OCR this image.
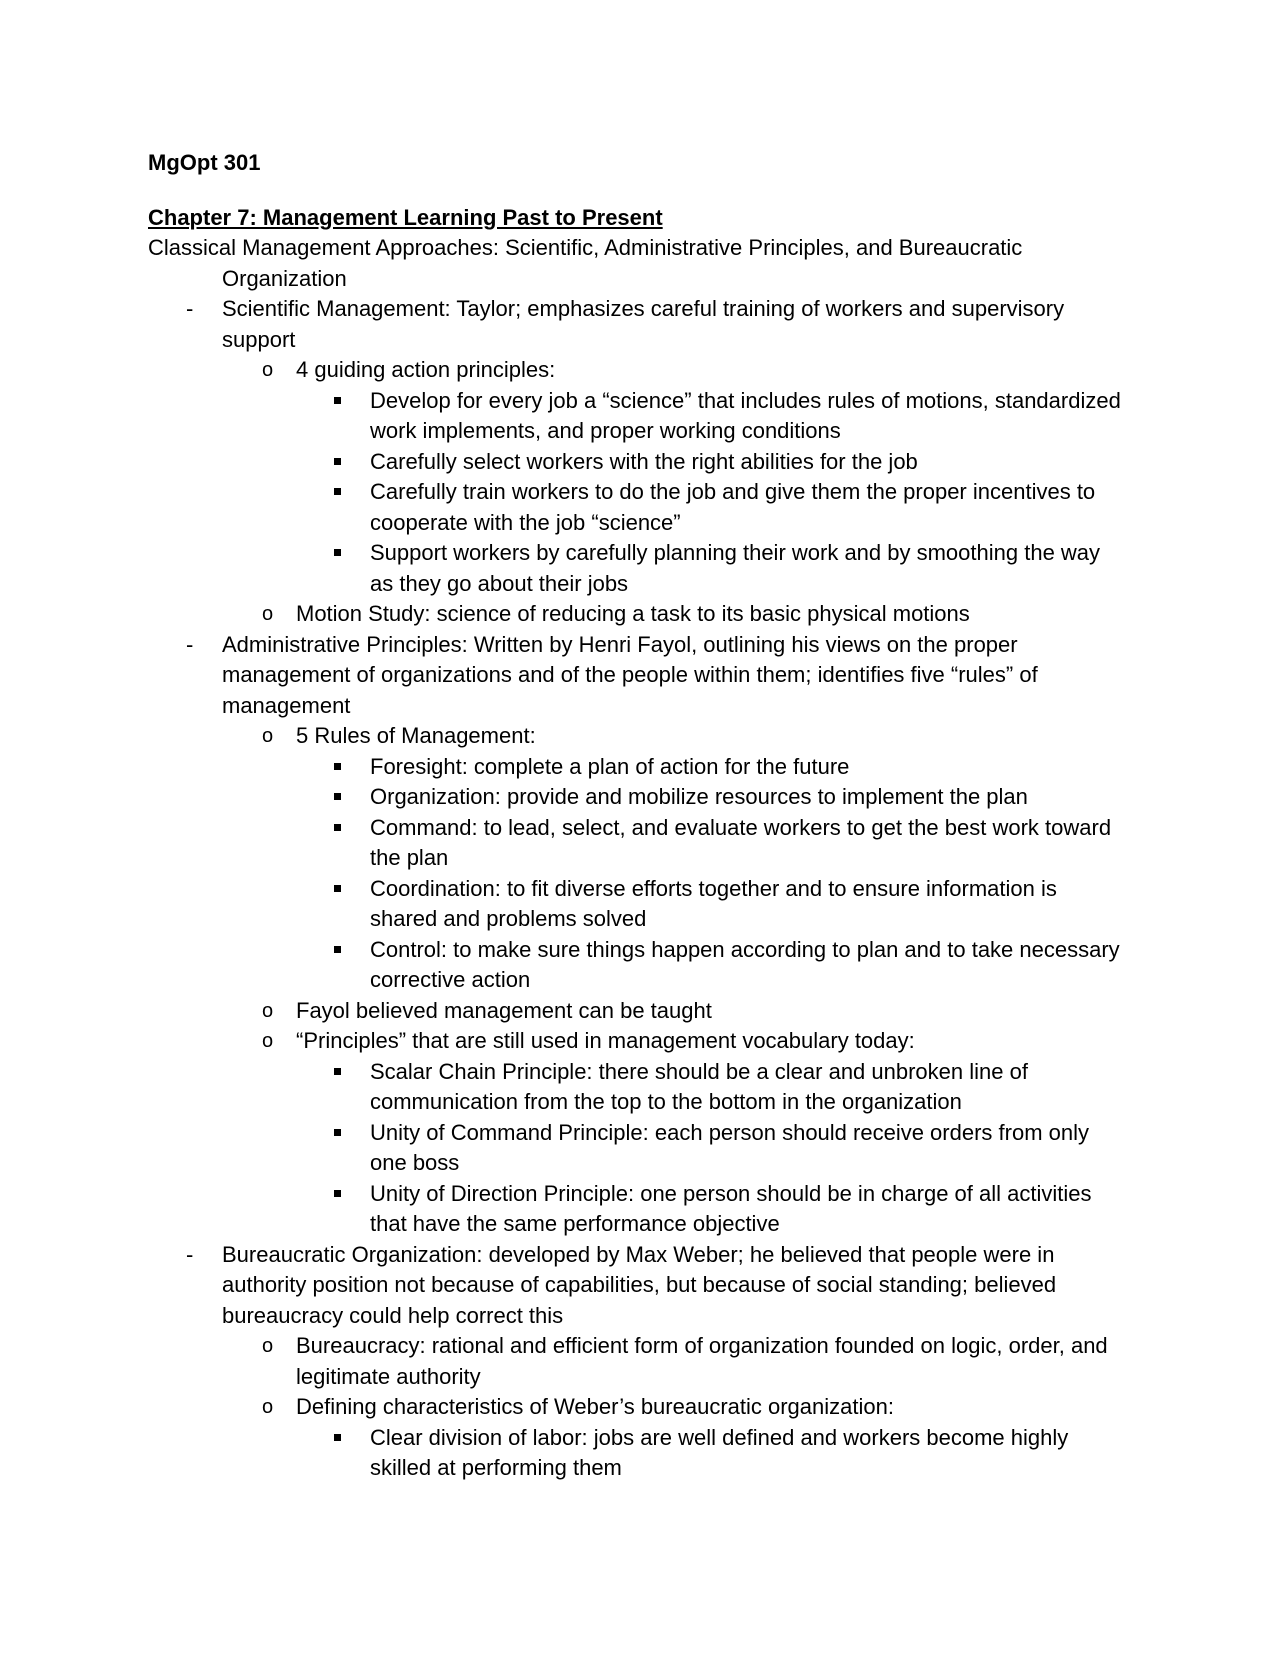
MgOpt 301
Chapter 7: Management Learning Past to Present
Classical Management Approaches: Scientific, Administrative Principles, and Bureaucratic Organization
- Scientific Management: Taylor; emphasizes careful training of workers and supervisory support
o 4 guiding action principles:
Develop for every job a “science” that includes rules of motions, standardized work implements, and proper working conditions
Carefully select workers with the right abilities for the job
Carefully train workers to do the job and give them the proper incentives to cooperate with the job “science”
Support workers by carefully planning their work and by smoothing the way as they go about their jobs
o Motion Study: science of reducing a task to its basic physical motions
- Administrative Principles: Written by Henri Fayol, outlining his views on the proper management of organizations and of the people within them; identifies five “rules” of management
o 5 Rules of Management:
Foresight: complete a plan of action for the future
Organization: provide and mobilize resources to implement the plan
Command: to lead, select, and evaluate workers to get the best work toward the plan
Coordination: to fit diverse efforts together and to ensure information is shared and problems solved
Control: to make sure things happen according to plan and to take necessary corrective action
o Fayol believed management can be taught
o “Principles” that are still used in management vocabulary today:
Scalar Chain Principle: there should be a clear and unbroken line of communication from the top to the bottom in the organization
Unity of Command Principle: each person should receive orders from only one boss
Unity of Direction Principle: one person should be in charge of all activities that have the same performance objective
- Bureaucratic Organization: developed by Max Weber; he believed that people were in authority position not because of capabilities, but because of social standing; believed bureaucracy could help correct this
o Bureaucracy: rational and efficient form of organization founded on logic, order, and legitimate authority
o Defining characteristics of Weber’s bureaucratic organization:
Clear division of labor: jobs are well defined and workers become highly skilled at performing them
